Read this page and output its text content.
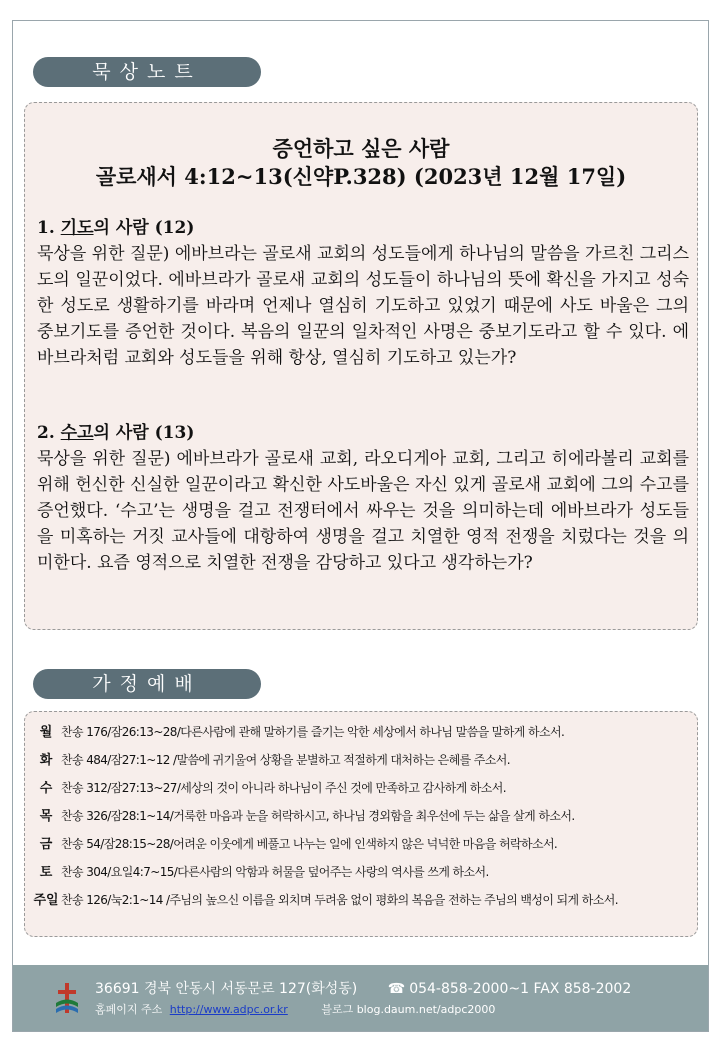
묵상노트
증언하고 싶은 사람
골로새서 4:12~13(신약P.328) (2023년 12월 17일)
1. 기도의 사람 (12)
묵상을 위한 질문) 에바브라는 골로새 교회의 성도들에게 하나님의 말씀을 가르친 그리스도의 일꾼이었다. 에바브라가 골로새 교회의 성도들이 하나님의 뜻에 확신을 가지고 성숙한 성도로 생활하기를 바라며 언제나 열심히 기도하고 있었기 때문에 사도 바울은 그의 중보기도를 증언한 것이다. 복음의 일꾼의 일차적인 사명은 중보기도라고 할 수 있다. 에바브라처럼 교회와 성도들을 위해 항상, 열심히 기도하고 있는가?
2. 수고의 사람 (13)
묵상을 위한 질문) 에바브라가 골로새 교회, 라오디게아 교회, 그리고 히에라볼리 교회를 위해 헌신한 신실한 일꾼이라고 확신한 사도바울은 자신 있게 골로새 교회에 그의 수고를 증언했다. ‘수고’는 생명을 걸고 전쟁터에서 싸우는 것을 의미하는데 에바브라가 성도들을 미혹하는 거짓 교사들에 대항하여 생명을 걸고 치열한 영적 전쟁을 치렀다는 것을 의미한다. 요즘 영적으로 치열한 전쟁을 감당하고 있다고 생각하는가?
가정예배
월 찬송 176/잠26:13~28/다른사람에 관해 말하기를 즐기는 악한 세상에서 하나님 말씀을 말하게 하소서.
화 찬송 484/잠27:1~12 /말씀에 귀기울여 상황을 분별하고 적절하게 대처하는 은혜를 주소서.
수 찬송 312/잠27:13~27/세상의 것이 아니라 하나님이 주신 것에 만족하고 감사하게 하소서.
목 찬송 326/잠28:1~14/거룩한 마음과 눈을 허락하시고, 하나님 경외함을 최우선에 두는 삶을 살게 하소서.
금 찬송 54/잠28:15~28/어려운 이웃에게 베풀고 나누는 일에 인색하지 않은 넉넉한 마음을 허락하소서.
토 찬송 304/요일4:7~15/다른사람의 악함과 허물을 덮어주는 사랑의 역사를 쓰게 하소서.
주일 찬송 126/눅2:1~14 /주님의 높으신 이름을 외치며 두려움 없이 평화의 복음을 전하는 주님의 백성이 되게 하소서.
36691 경북 안동시 서동문로 127(화성동) ☎ 054-858-2000~1 FAX 858-2002
홈페이지 주소 http://www.adpc.or.kr	블로그 blog.daum.net/adpc2000
